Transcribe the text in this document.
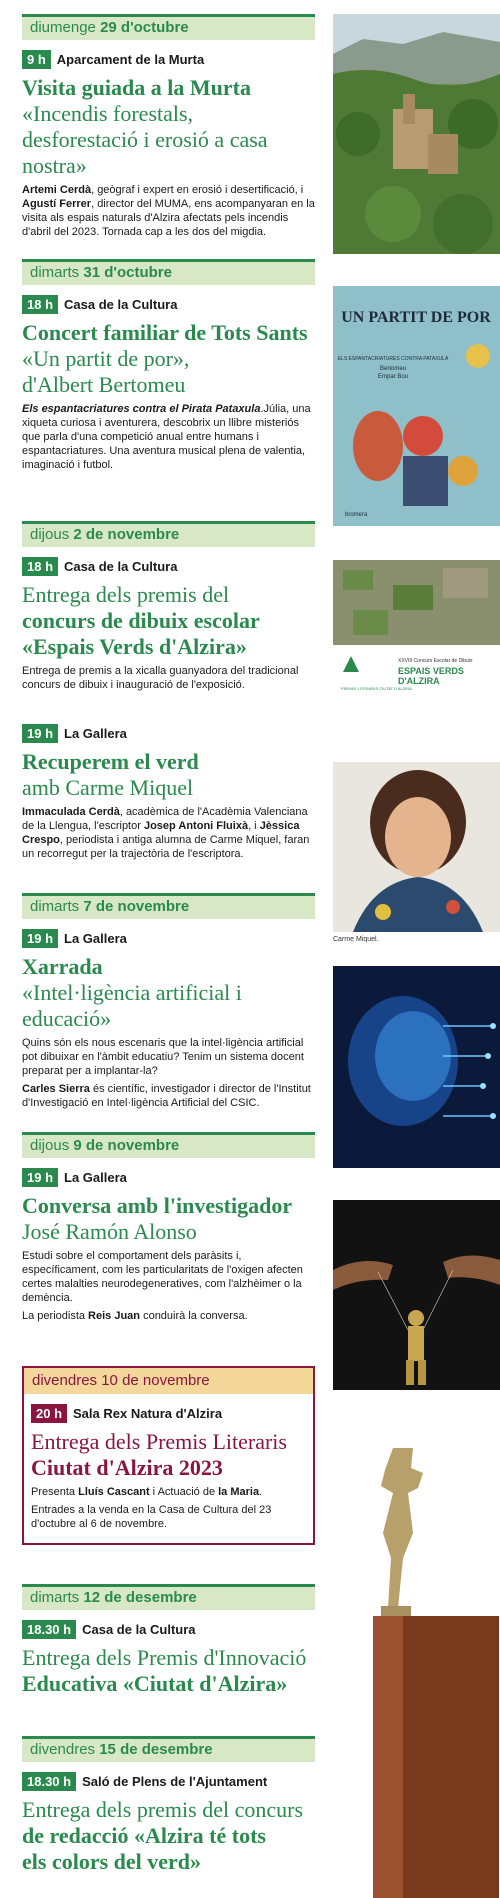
diumenge 29 d'octubre
9 h Aparcament de la Murta
Visita guiada a la Murta
«Incendis forestals,
desforestació i erosió a casa nostra»

Artemi Cerdà, geògraf i expert en erosió i desertificació, i Agustí Ferrer, director del MUMA, ens acompanyaran en la visita als espais naturals d'Alzira afectats pels incendis d'abril del 2023. Tornada cap a les dos del migdia.

dimarts 31 d'octubre
18 h Casa de la Cultura
Concert familiar de Tots Sants
«Un partit de por»,
d'Albert Bertomeu

Els espantacriatures contra el Pirata Pataxula.Júlia, una xiqueta curiosa i aventurera, descobrix un llibre misteriós que parla d'una competició anual entre humans i espantacriatures. Una aventura musical plena de valentia, imaginació i futbol.

UN PARTIT DE POR
ELS ESPANTACRIATURES CONTRA PATAXULA
Bertomeu
Empar Bou
bromera
dijous 2 de novembre
18 h Casa de la Cultura
Entrega dels premis del
concurs de dibuix escolar
«Espais Verds d'Alzira»

Entrega de premis a la xicalla guanyadora del tradicional concurs de dibuix i inauguració de l'exposició.

XXVIII Concurs Escolar de Dibuix
ESPAIS VERDS
D'ALZIRA
PREMIS LITERARIS CIUTAT D'ALZIRA
19 h La Gallera
Recuperem el verd
amb Carme Miquel

Immaculada Cerdà, acadèmica de l'Acadèmia Valenciana de la Llengua, l'escriptor Josep Antoni Fluixà, i Jèssica Crespo, periodista i antiga alumna de Carme Miquel, faran un recorregut per la trajectòria de l'escriptora.

Carme Miquel.
dimarts 7 de novembre
19 h La Gallera
Xarrada
«Intel·ligència artificial i educació»

Quins són els nous escenaris que la intel·ligència artificial pot dibuixar en l'àmbit educatiu? Tenim un sistema docent preparat per a implantar-la?

Carles Sierra és científic, investigador i director de l'Institut d'Investigació en Intel·ligència Artificial del CSIC.

dijous 9 de novembre
19 h La Gallera
Conversa amb l'investigador
José Ramón Alonso

Estudi sobre el comportament dels paràsits i, específicament, com les particularitats de l'oxigen afecten certes malalties neurodegeneratives, com l'alzhèimer o la demència.

La periodista Reis Juan conduirà la conversa.

divendres 10 de novembre
20 h Sala Rex Natura d'Alzira
Entrega dels Premis Literaris
Ciutat d'Alzira 2023

Presenta Lluís Cascant i Actuació de la Maria.

Entrades a la venda en la Casa de Cultura del 23 d'octubre al 6 de novembre.

dimarts 12 de desembre
18.30 h Casa de la Cultura
Entrega dels Premis d'Innovació
Educativa «Ciutat d'Alzira»
divendres 15 de desembre
18.30 h Saló de Plens de l'Ajuntament
Entrega dels premis del concurs
de redacció «Alzira té tots
els colors del verd»
